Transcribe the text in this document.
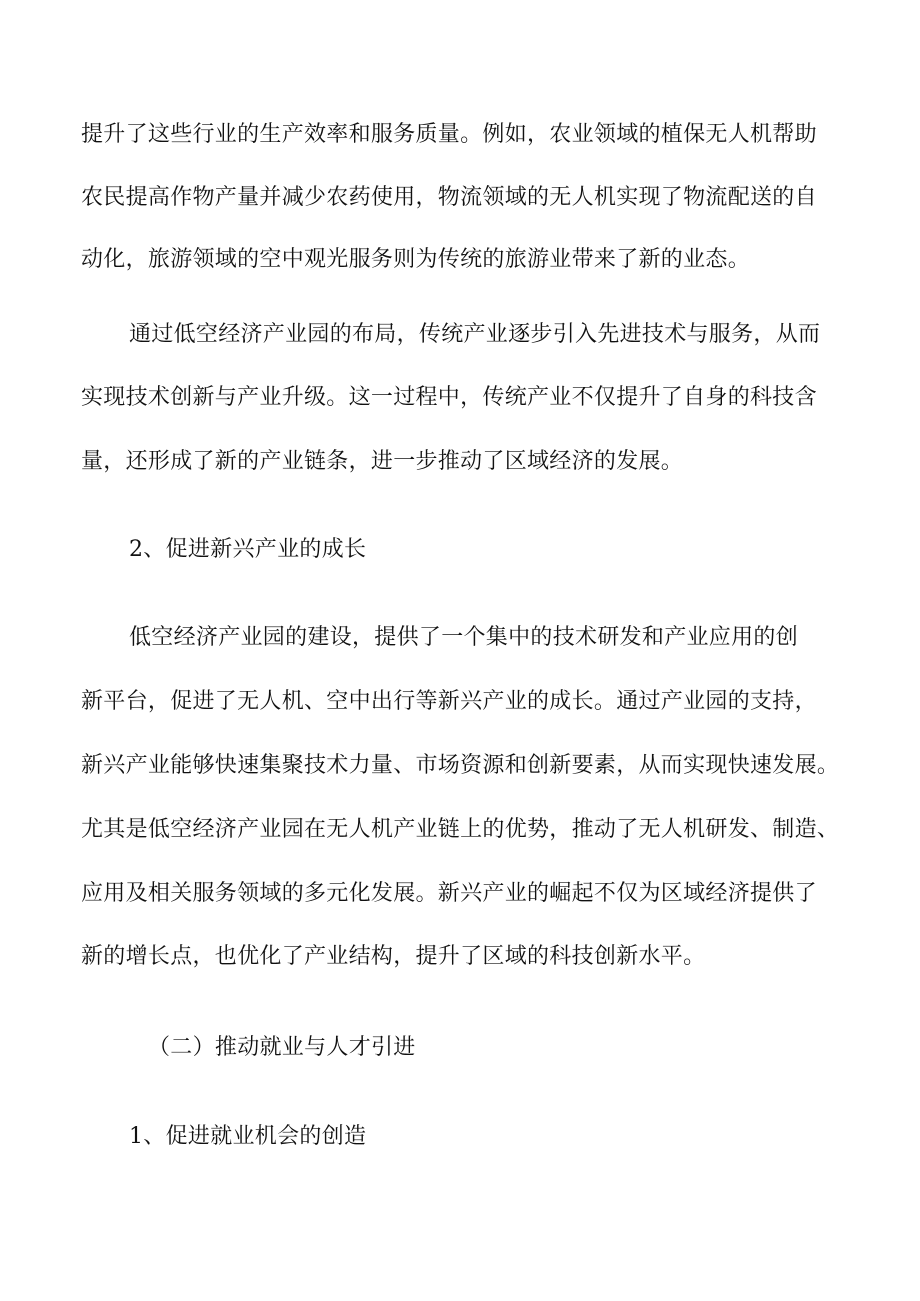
提升了这些行业的生产效率和服务质量。例如，农业领域的植保无人机帮助
农民提高作物产量并减少农药使用，物流领域的无人机实现了物流配送的自
动化，旅游领域的空中观光服务则为传统的旅游业带来了新的业态。
通过低空经济产业园的布局，传统产业逐步引入先进技术与服务，从而
实现技术创新与产业升级。这一过程中，传统产业不仅提升了自身的科技含
量，还形成了新的产业链条，进一步推动了区域经济的发展。
2、促进新兴产业的成长
低空经济产业园的建设，提供了一个集中的技术研发和产业应用的创
新平台，促进了无人机、空中出行等新兴产业的成长。通过产业园的支持，
新兴产业能够快速集聚技术力量、市场资源和创新要素，从而实现快速发展。
尤其是低空经济产业园在无人机产业链上的优势，推动了无人机研发、制造、
应用及相关服务领域的多元化发展。新兴产业的崛起不仅为区域经济提供了
新的增长点，也优化了产业结构，提升了区域的科技创新水平。
（二）推动就业与人才引进
1、促进就业机会的创造
